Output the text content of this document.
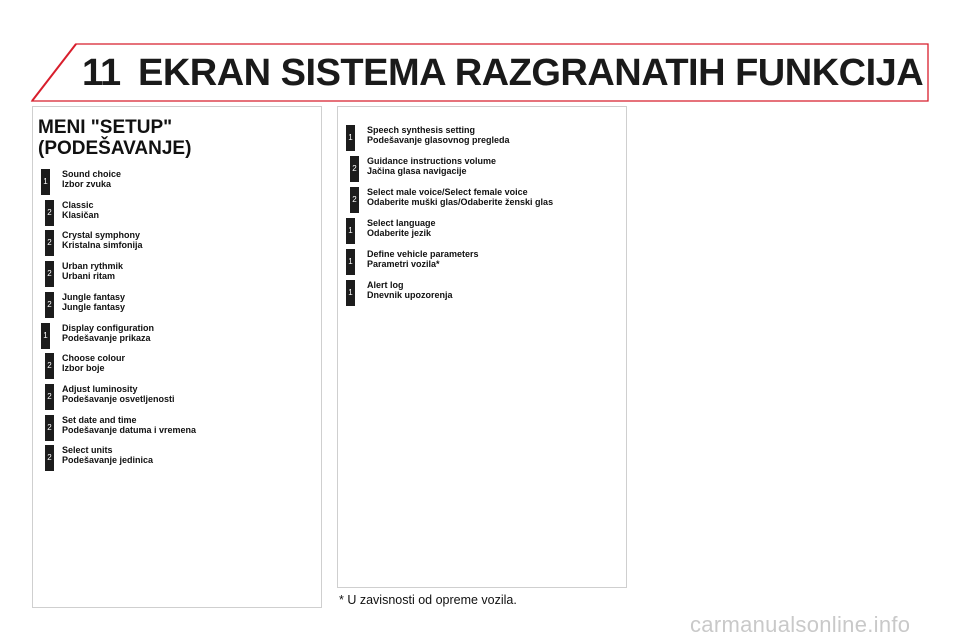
11 EKRAN SISTEMA RAZGRANATIH FUNKCIJA
MENI "SETUP"
(PODEŠAVANJE)
1
Sound choice
Izbor zvuka
2
Classic
Klasičan
2
Crystal symphony
Kristalna simfonija
2
Urban rythmik
Urbani ritam
2
Jungle fantasy
Jungle fantasy
1
Display configuration
Podešavanje prikaza
2
Choose colour
Izbor boje
2
Adjust luminosity
Podešavanje osvetljenosti
2
Set date and time
Podešavanje datuma i vremena
2
Select units
Podešavanje jedinica
1
Speech synthesis setting
Podešavanje glasovnog pregleda
2
Guidance instructions volume
Jačina glasa navigacije
2
Select male voice/Select female voice
Odaberite muški glas/Odaberite ženski glas
1
Select language
Odaberite jezik
1
Define vehicle parameters
Parametri vozila*
1
Alert log
Dnevnik upozorenja
* U zavisnosti od opreme vozila.
carmanualsonline.info
